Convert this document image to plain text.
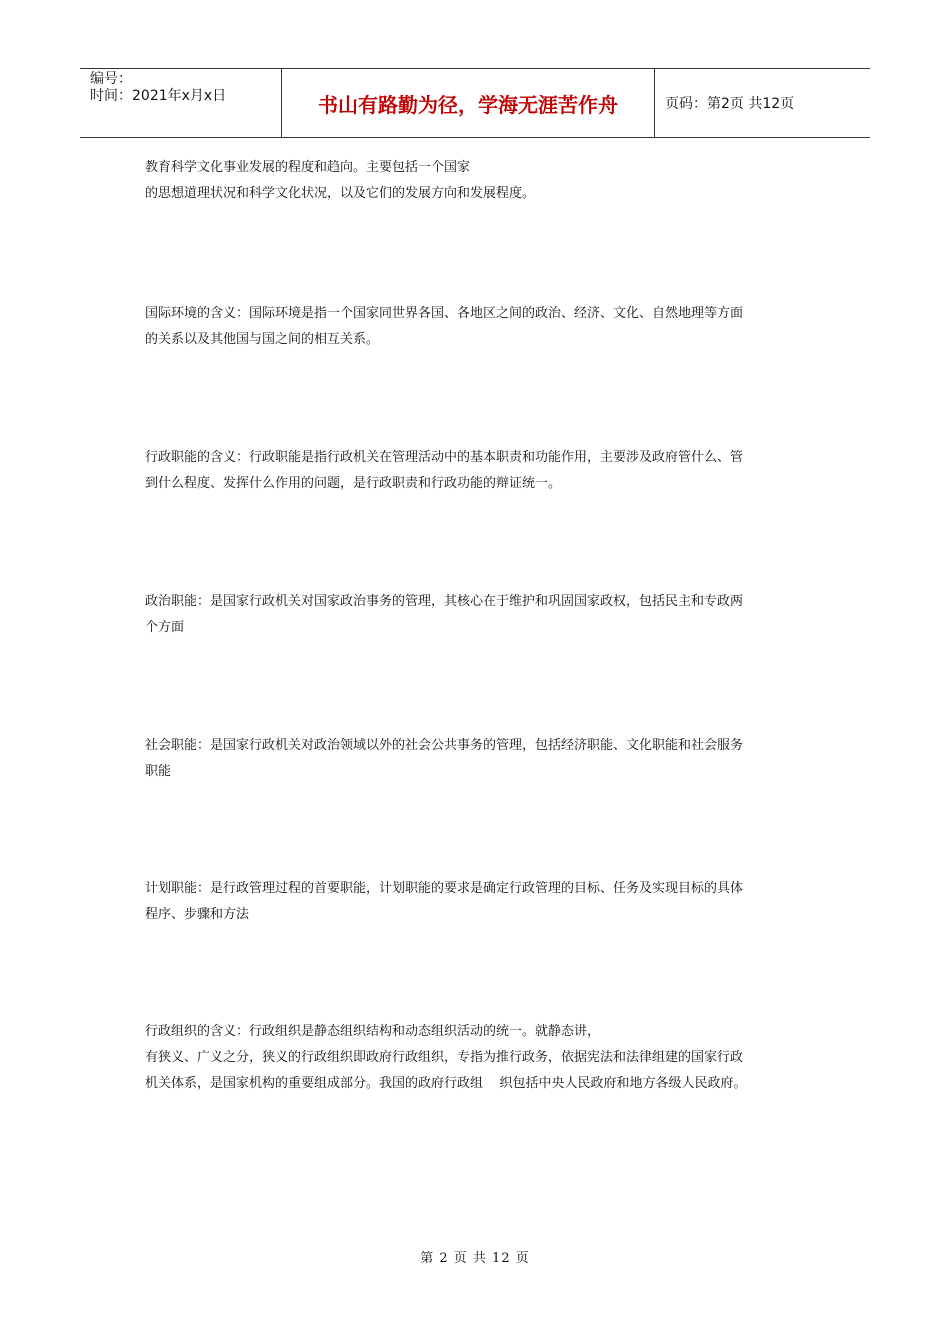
编号：
时间：2021年x月x日	书山有路勤为径，学海无涯苦作舟	页码：第2页 共12页
教育科学文化事业发展的程度和趋向。主要包括一个国家
的思想道理状况和科学文化状况，以及它们的发展方向和发展程度。
国际环境的含义：国际环境是指一个国家同世界各国、各地区之间的政治、经济、文化、自然地理等方面
的关系以及其他国与国之间的相互关系。
行政职能的含义：行政职能是指行政机关在管理活动中的基本职责和功能作用，主要涉及政府管什么、管
到什么程度、发挥什么作用的问题，是行政职责和行政功能的辩证统一。
政治职能：是国家行政机关对国家政治事务的管理，其核心在于维护和巩固国家政权，包括民主和专政两
个方面
社会职能：是国家行政机关对政治领域以外的社会公共事务的管理，包括经济职能、文化职能和社会服务
职能
计划职能：是行政管理过程的首要职能，计划职能的要求是确定行政管理的目标、任务及实现目标的具体
程序、步骤和方法
行政组织的含义：行政组织是静态组织结构和动态组织活动的统一。就静态讲，
有狭义、广义之分，狭义的行政组织即政府行政组织，专指为推行政务，依据宪法和法律组建的国家行政
机关体系，是国家机构的重要组成部分。我国的政府行政组    织包括中央人民政府和地方各级人民政府。
第 2 页 共 12 页
